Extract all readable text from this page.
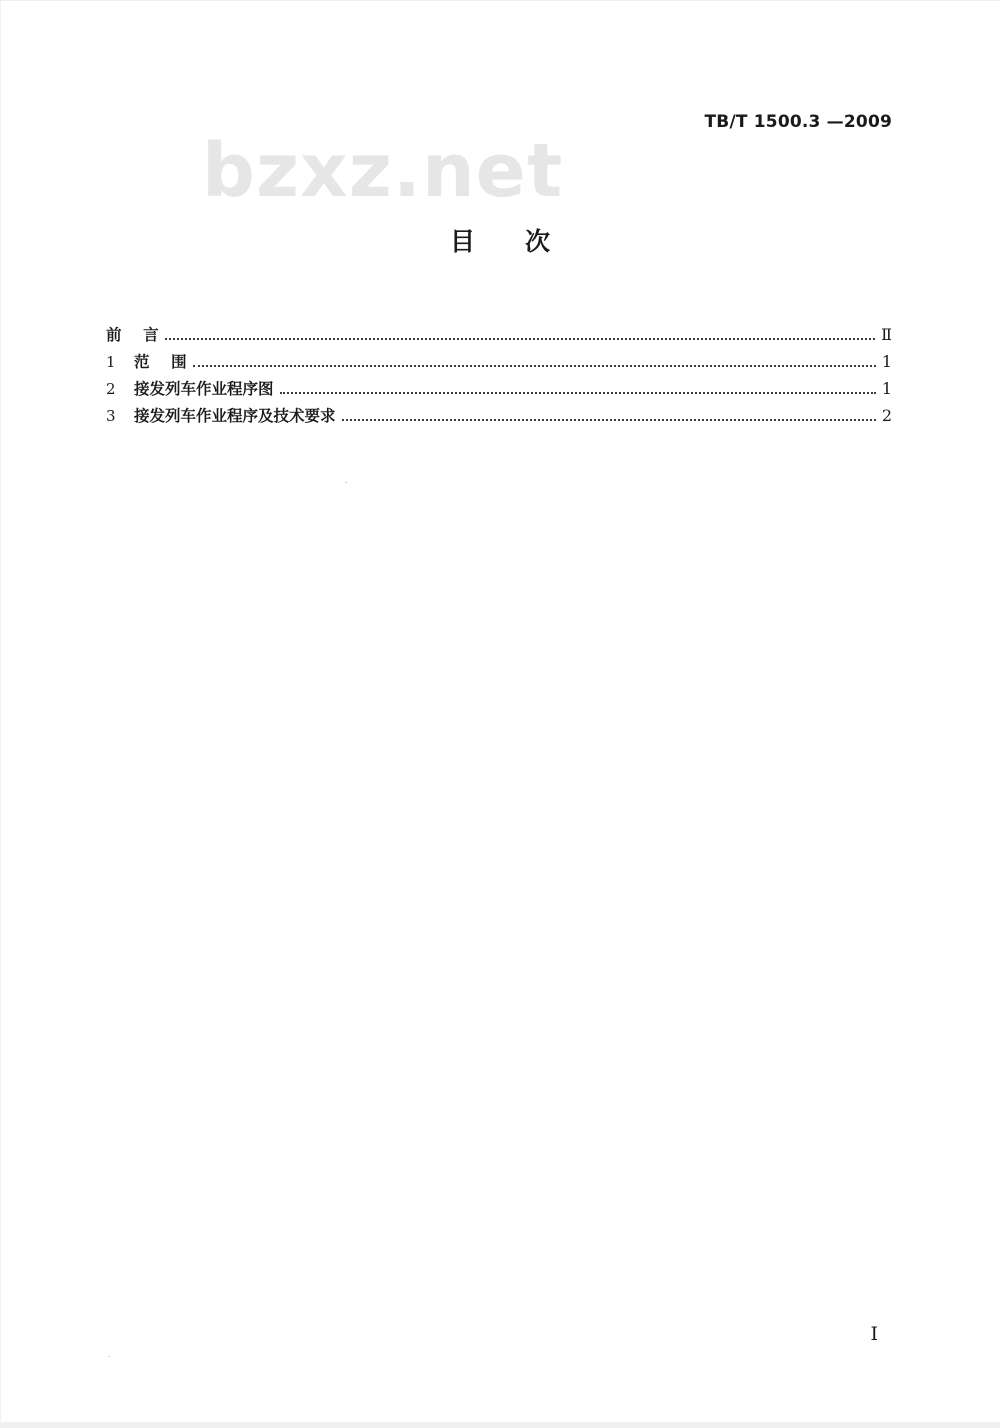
TB/T 1500.3 —2009
bzxz.net
目次
前    言	Ⅱ
1	范    围	1
2	接发列车作业程序图	1
3	接发列车作业程序及技术要求	2
I
